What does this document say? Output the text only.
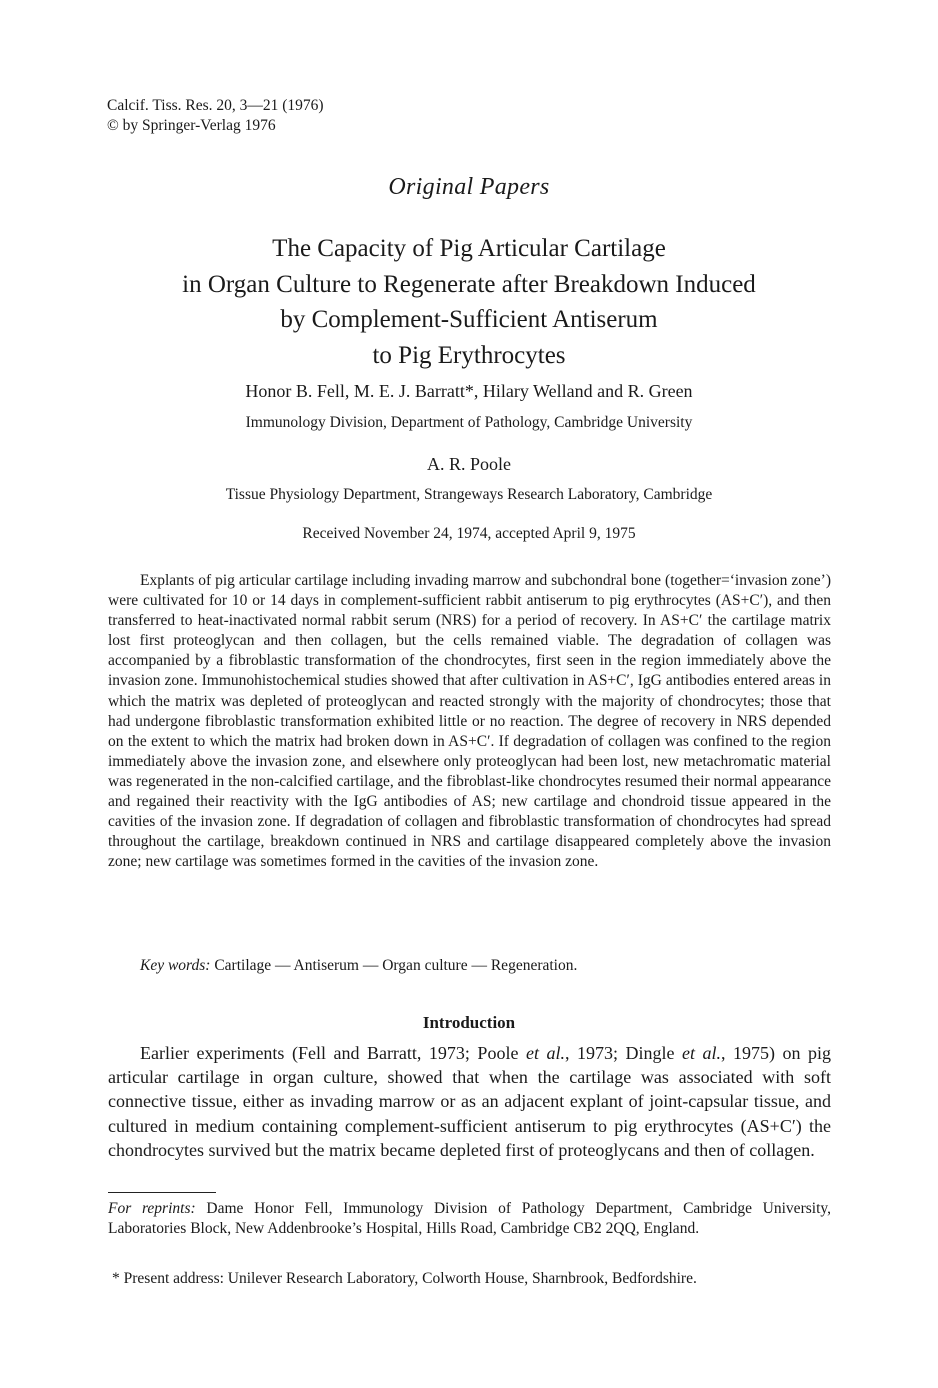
Calcif. Tiss. Res. 20, 3—21 (1976)
© by Springer-Verlag 1976
Original Papers
The Capacity of Pig Articular Cartilage
in Organ Culture to Regenerate after Breakdown Induced
by Complement-Sufficient Antiserum
to Pig Erythrocytes
Honor B. Fell, M. E. J. Barratt*, Hilary Welland and R. Green
Immunology Division, Department of Pathology, Cambridge University
A. R. Poole
Tissue Physiology Department, Strangeways Research Laboratory, Cambridge
Received November 24, 1974, accepted April 9, 1975

Explants of pig articular cartilage including invading marrow and subchondral bone (together=‘invasion zone’) were cultivated for 10 or 14 days in complement-sufficient rabbit antiserum to pig erythrocytes (AS+C′), and then transferred to heat-inactivated normal rabbit serum (NRS) for a period of recovery. In AS+C′ the cartilage matrix lost first proteoglycan and then collagen, but the cells remained viable. The degradation of collagen was accompanied by a fibroblastic transformation of the chondrocytes, first seen in the region immediately above the invasion zone. Immunohistochemical studies showed that after cultivation in AS+C′, IgG antibodies entered areas in which the matrix was depleted of proteoglycan and reacted strongly with the majority of chondrocytes; those that had undergone fibroblastic transformation exhibited little or no reaction. The degree of recovery in NRS depended on the extent to which the matrix had broken down in AS+C′. If degradation of collagen was confined to the region immediately above the invasion zone, and elsewhere only proteoglycan had been lost, new metachromatic material was regenerated in the non-calcified cartilage, and the fibroblast-like chondrocytes resumed their normal appearance and regained their reactivity with the IgG antibodies of AS; new cartilage and chondroid tissue appeared in the cavities of the invasion zone. If degradation of collagen and fibroblastic transformation of chondrocytes had spread throughout the cartilage, breakdown continued in NRS and cartilage disappeared completely above the invasion zone; new cartilage was sometimes formed in the cavities of the invasion zone.

Key words: Cartilage — Antiserum — Organ culture — Regeneration.
Introduction

Earlier experiments (Fell and Barratt, 1973; Poole et al., 1973; Dingle et al., 1975) on pig articular cartilage in organ culture, showed that when the cartilage was associated with soft connective tissue, either as invading marrow or as an adjacent explant of joint-capsular tissue, and cultured in medium containing complement-sufficient antiserum to pig erythrocytes (AS+C′) the chondrocytes survived but the matrix became depleted first of proteoglycans and then of collagen.

For reprints: Dame Honor Fell, Immunology Division of Pathology Department, Cambridge University, Laboratories Block, New Addenbrooke’s Hospital, Hills Road, Cambridge CB2 2QQ, England.

* Present address: Unilever Research Laboratory, Colworth House, Sharnbrook, Bedfordshire.
